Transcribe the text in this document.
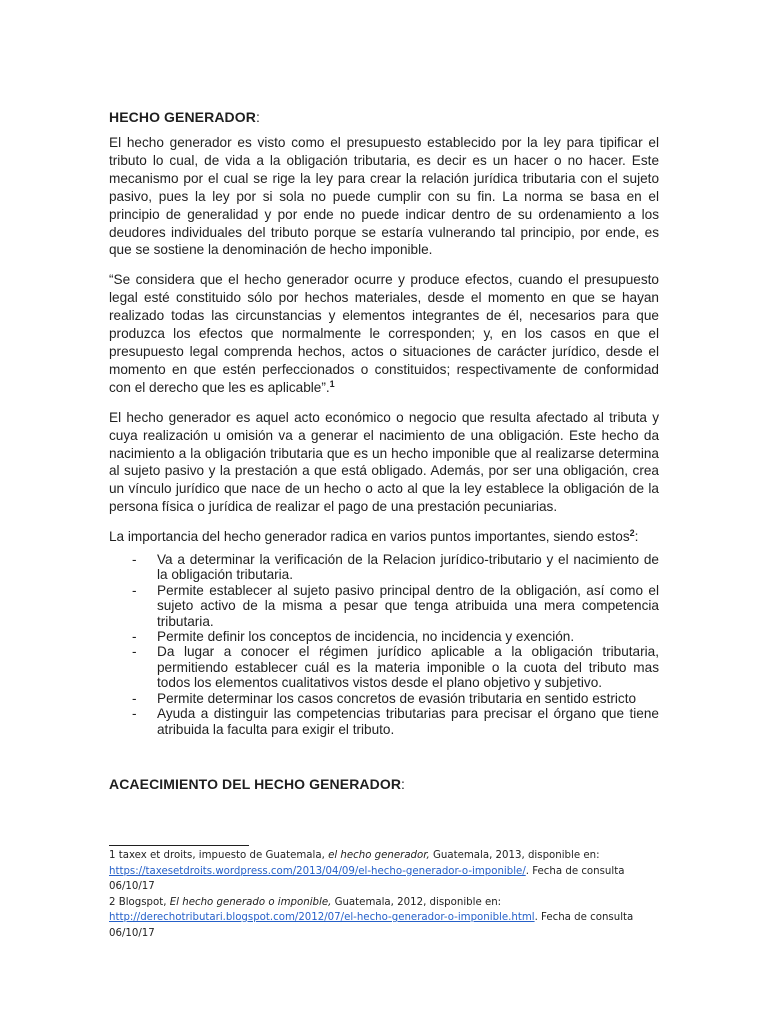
HECHO GENERADOR:

El hecho generador es visto como el presupuesto establecido por la ley para tipificar el tributo lo cual, de vida a la obligación tributaria, es decir es un hacer o no hacer. Este mecanismo por el cual se rige la ley para crear la relación jurídica tributaria con el sujeto pasivo, pues la ley por si sola no puede cumplir con su fin. La norma se basa en el principio de generalidad y por ende no puede indicar dentro de su ordenamiento a los deudores individuales del tributo porque se estaría vulnerando tal principio, por ende, es que se sostiene la denominación de hecho imponible.

“Se considera que el hecho generador ocurre y produce efectos, cuando el presupuesto legal esté constituido sólo por hechos materiales, desde el momento en que se hayan realizado todas las circunstancias y elementos integrantes de él, necesarios para que produzca los efectos que normalmente le corresponden; y, en los casos en que el presupuesto legal comprenda hechos, actos o situaciones de carácter jurídico, desde el momento en que estén perfeccionados o constituidos; respectivamente de conformidad con el derecho que les es aplicable”.$^1$

El hecho generador es aquel acto económico o negocio que resulta afectado al tributa y cuya realización u omisión va a generar el nacimiento de una obligación. Este hecho da nacimiento a la obligación tributaria que es un hecho imponible que al realizarse determina al sujeto pasivo y la prestación a que está obligado. Además, por ser una obligación, crea un vínculo jurídico que nace de un hecho o acto al que la ley establece la obligación de la persona física o jurídica de realizar el pago de una prestación pecuniarias.

La importancia del hecho generador radica en varios puntos importantes, siendo estos$^2$:

- Va a determinar la verificación de la Relacion jurídico-tributario y el nacimiento de la obligación tributaria.
- Permite establecer al sujeto pasivo principal dentro de la obligación, así como el sujeto activo de la misma a pesar que tenga atribuida una mera competencia tributaria.
- Permite definir los conceptos de incidencia, no incidencia y exención.
- Da lugar a conocer el régimen jurídico aplicable a la obligación tributaria, permitiendo establecer cuál es la materia imponible o la cuota del tributo mas todos los elementos cualitativos vistos desde el plano objetivo y subjetivo.
- Permite determinar los casos concretos de evasión tributaria en sentido estricto
- Ayuda a distinguir las competencias tributarias para precisar el órgano que tiene atribuida la faculta para exigir el tributo.
ACAECIMIENTO DEL HECHO GENERADOR:

1 taxex et droits, impuesto de Guatemala, el hecho generador, Guatemala, 2013, disponible en:
https://taxesetdroits.wordpress.com/2013/04/09/el-hecho-generador-o-imponible/. Fecha de consulta 06/10/17

2 Blogspot, El hecho generado o imponible, Guatemala, 2012, disponible en:
http://derechotributari.blogspot.com/2012/07/el-hecho-generador-o-imponible.html. Fecha de consulta 06/10/17
